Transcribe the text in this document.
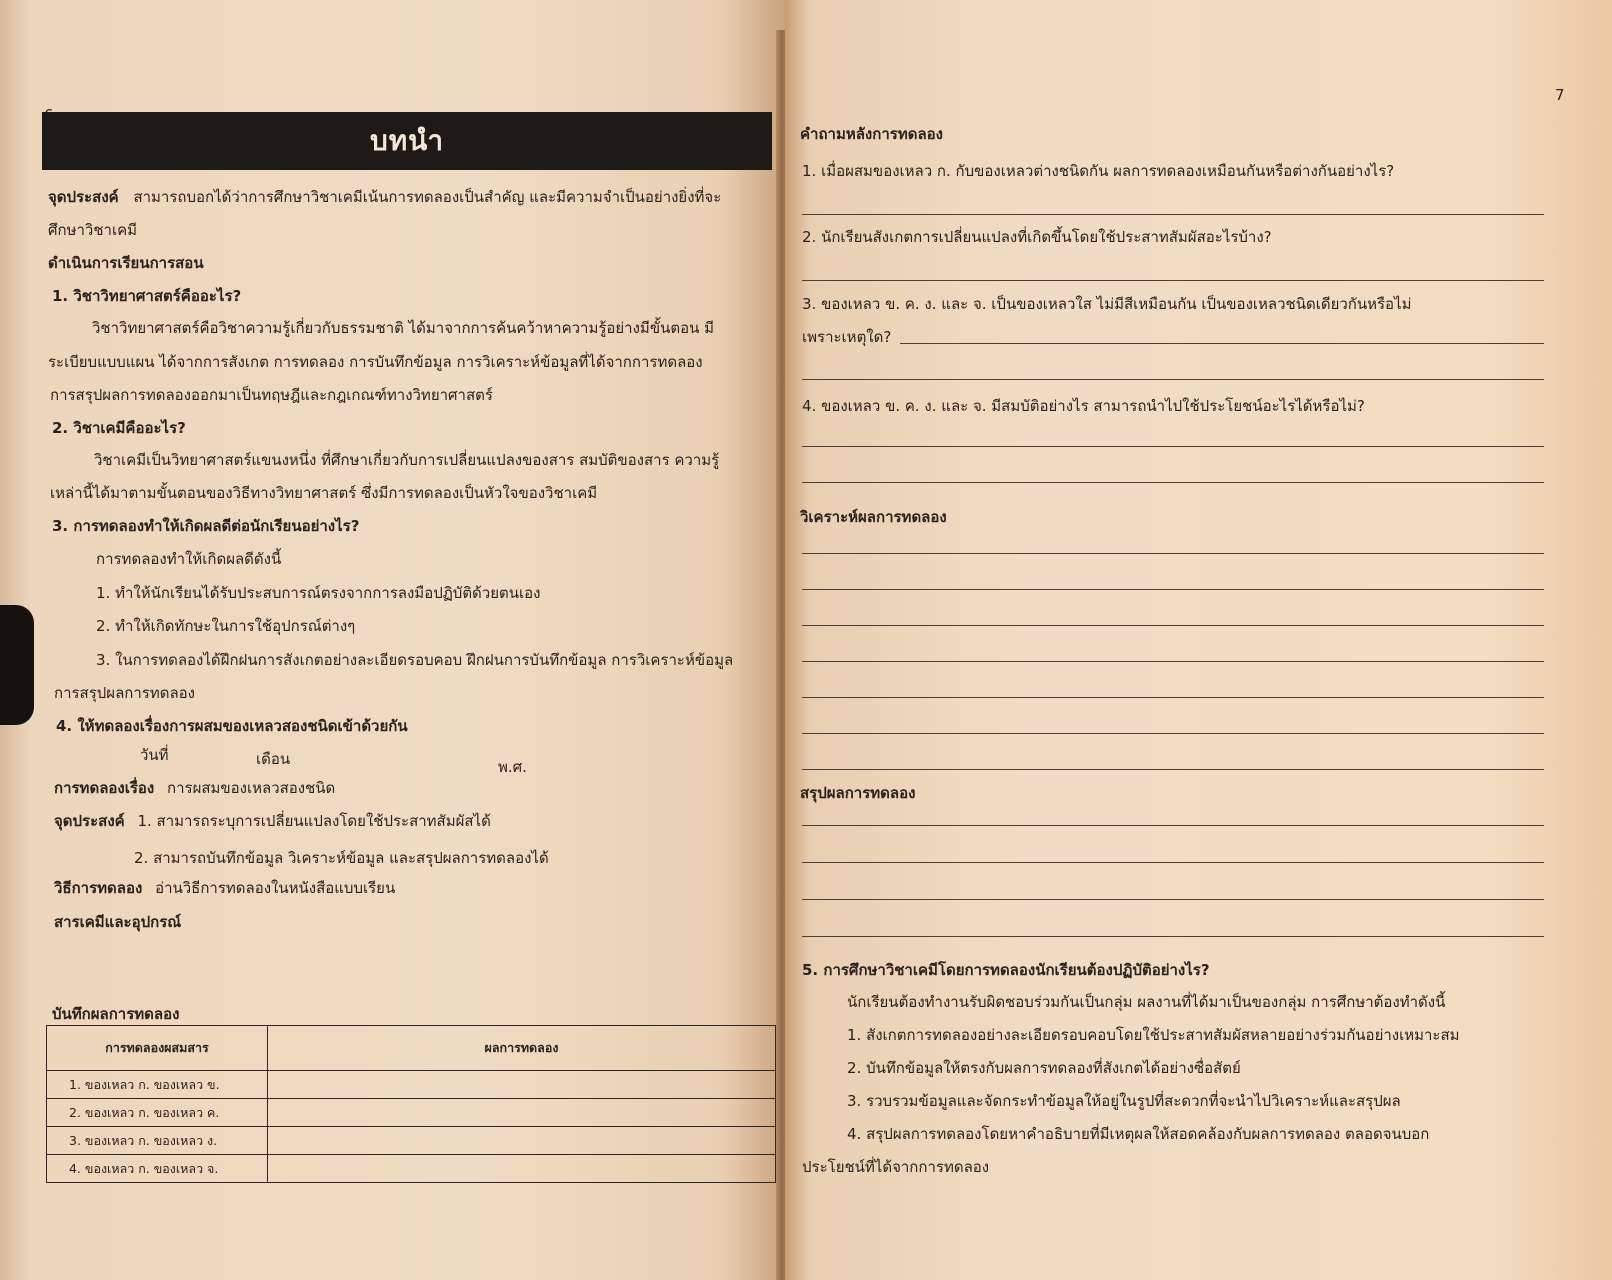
บทนำ
จุดประสงค์ สามารถบอกได้ว่าการศึกษาวิชาเคมีเน้นการทดลองเป็นสำคัญ และมีความจำเป็นอย่างยิ่งที่จะ
ศึกษาวิชาเคมี
ดำเนินการเรียนการสอน
1. วิชาวิทยาศาสตร์คืออะไร?
วิชาวิทยาศาสตร์คือวิชาความรู้เกี่ยวกับธรรมชาติ ได้มาจากการค้นคว้าหาความรู้อย่างมีขั้นตอน มี
ระเบียบแบบแผน ได้จากการสังเกต การทดลอง การบันทึกข้อมูล การวิเคราะห์ข้อมูลที่ได้จากการทดลอง
การสรุปผลการทดลองออกมาเป็นทฤษฎีและกฎเกณฑ์ทางวิทยาศาสตร์
2. วิชาเคมีคืออะไร?
วิชาเคมีเป็นวิทยาศาสตร์แขนงหนึ่ง ที่ศึกษาเกี่ยวกับการเปลี่ยนแปลงของสาร สมบัติของสาร ความรู้
เหล่านี้ได้มาตามขั้นตอนของวิธีทางวิทยาศาสตร์ ซึ่งมีการทดลองเป็นหัวใจของวิชาเคมี
3. การทดลองทำให้เกิดผลดีต่อนักเรียนอย่างไร?
การทดลองทำให้เกิดผลดีดังนี้
1. ทำให้นักเรียนได้รับประสบการณ์ตรงจากการลงมือปฏิบัติด้วยตนเอง
2. ทำให้เกิดทักษะในการใช้อุปกรณ์ต่างๆ
3. ในการทดลองได้ฝึกฝนการสังเกตอย่างละเอียดรอบคอบ ฝึกฝนการบันทึกข้อมูล การวิเคราะห์ข้อมูล
การสรุปผลการทดลอง
4. ให้ทดลองเรื่องการผสมของเหลวสองชนิดเข้าด้วยกัน
วันที่	เดือน	พ.ศ.
การทดลองเรื่อง การผสมของเหลวสองชนิด
จุดประสงค์ 1. สามารถระบุการเปลี่ยนแปลงโดยใช้ประสาทสัมผัสได้
2. สามารถบันทึกข้อมูล วิเคราะห์ข้อมูล และสรุปผลการทดลองได้
วิธีการทดลอง อ่านวิธีการทดลองในหนังสือแบบเรียน
สารเคมีและอุปกรณ์
บันทึกผลการทดลอง
การทดลองผสมสาร	ผลการทดลอง
1. ของเหลว ก. ของเหลว ข.	
2. ของเหลว ก. ของเหลว ค.	
3. ของเหลว ก. ของเหลว ง.	
4. ของเหลว ก. ของเหลว จ.	
7
คำถามหลังการทดลอง
1. เมื่อผสมของเหลว ก. กับของเหลวต่างชนิดกัน ผลการทดลองเหมือนกันหรือต่างกันอย่างไร?
2. นักเรียนสังเกตการเปลี่ยนแปลงที่เกิดขึ้นโดยใช้ประสาทสัมผัสอะไรบ้าง?
3. ของเหลว ข. ค. ง. และ จ. เป็นของเหลวใส ไม่มีสีเหมือนกัน เป็นของเหลวชนิดเดียวกันหรือไม่
เพราะเหตุใด?
4. ของเหลว ข. ค. ง. และ จ. มีสมบัติอย่างไร สามารถนำไปใช้ประโยชน์อะไรได้หรือไม่?
วิเคราะห์ผลการทดลอง
สรุปผลการทดลอง
5. การศึกษาวิชาเคมีโดยการทดลองนักเรียนต้องปฏิบัติอย่างไร?
นักเรียนต้องทำงานรับผิดชอบร่วมกันเป็นกลุ่ม ผลงานที่ได้มาเป็นของกลุ่ม การศึกษาต้องทำดังนี้
1. สังเกตการทดลองอย่างละเอียดรอบคอบโดยใช้ประสาทสัมผัสหลายอย่างร่วมกันอย่างเหมาะสม
2. บันทึกข้อมูลให้ตรงกับผลการทดลองที่สังเกตได้อย่างซื่อสัตย์
3. รวบรวมข้อมูลและจัดกระทำข้อมูลให้อยู่ในรูปที่สะดวกที่จะนำไปวิเคราะห์และสรุปผล
4. สรุปผลการทดลองโดยหาคำอธิบายที่มีเหตุผลให้สอดคล้องกับผลการทดลอง ตลอดจนบอก
ประโยชน์ที่ได้จากการทดลอง
